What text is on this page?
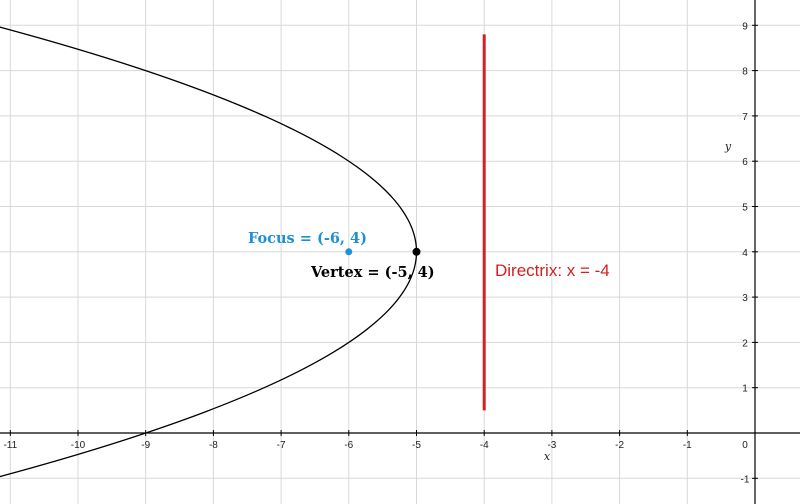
-11	-10	-9	-8	-7	-6	-5	-4	-3	-2	-1	0
-1
1
2
3
4
5
6
7
8
9
x
y
Focus = (-6, 4)
Vertex = (-5, 4)	Directrix: x = -4
